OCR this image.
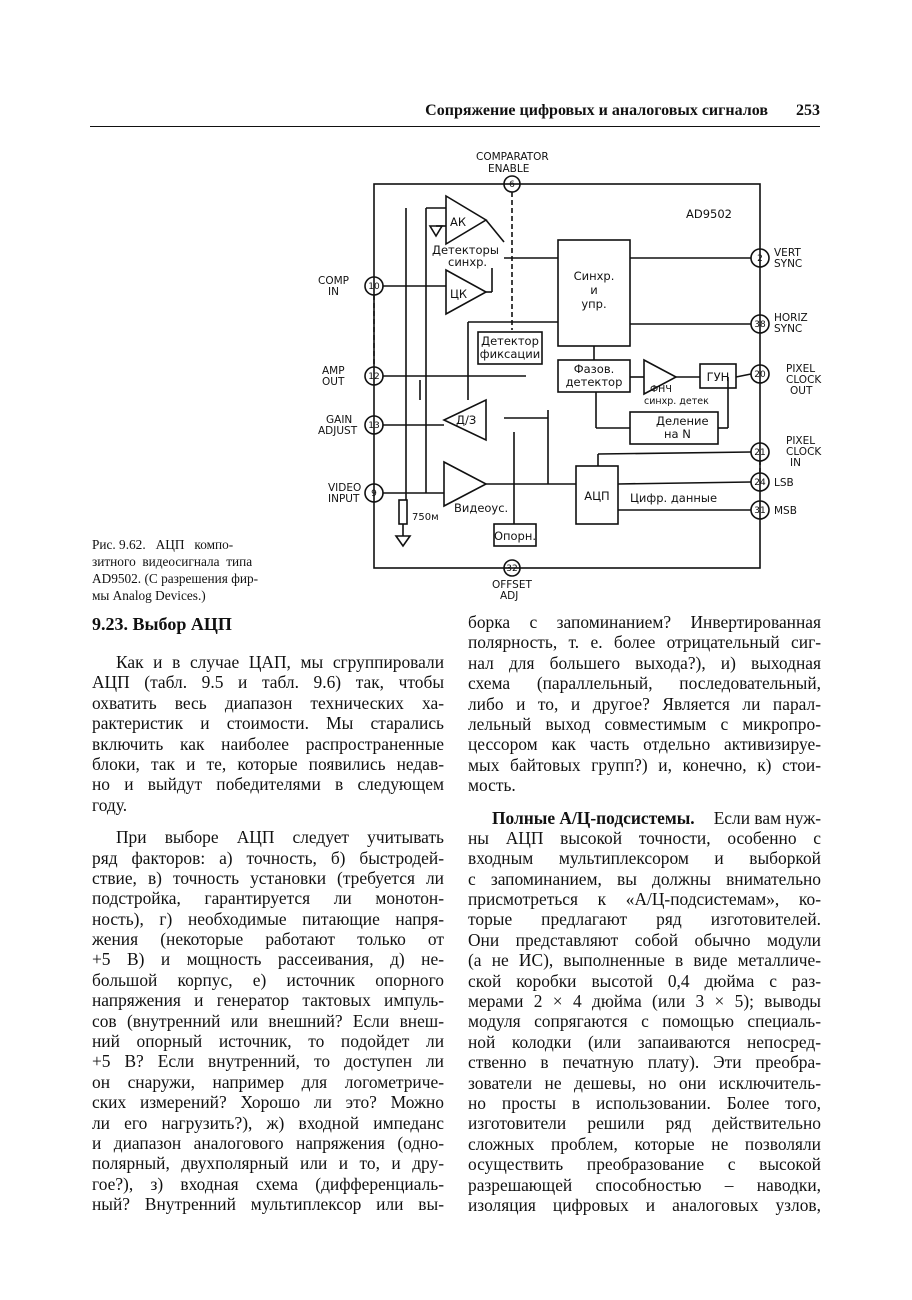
Сопряжение цифровых и аналоговых сигналов 253
COMPARATOR
ENABLE
OFFSET
ADJ
AD9502
COMP
IN
AMP
OUT
GAIN
ADJUST
VIDEO
INPUT
VERT
SYNC
HORIZ
SYNC
PIXEL
CLOCK
OUT
PIXEL
CLOCK
IN
LSB
MSB
6
10
12
13
9
32
2
38
20
21
24
31
АК
Детекторы
синхр.
ЦК
Синхр.
и
упр.
Детектор
фиксации
Фазов.
детектор
ФНЧ
синхр. детек
ГУН
Деление
на N
Д/З
Видеоус.
АЦП Цифр. данные
Опорн.
750м
Рис. 9.62.   АЦП   компо-
зитного  видеосигнала  типа
AD9502. (С разрешения фир-
мы Analog Devices.)
9.23. Выбор АЦП
Как и в случае ЦАП, мы сгруппировали
АЦП (табл. 9.5 и табл. 9.6) так, чтобы
охватить весь диапазон технических ха-
рактеристик и стоимости. Мы старались
включить как наиболее распространенные
блоки, так и те, которые появились недав-
но и выйдут победителями в следующем
году.
При выборе АЦП следует учитывать
ряд факторов: а) точность, б) быстродей-
ствие, в) точность установки (требуется ли
подстройка, гарантируется ли монотон-
ность), г) необходимые питающие напря-
жения (некоторые работают только от
+5 В) и мощность рассеивания, д) не-
большой корпус, е) источник опорного
напряжения и генератор тактовых импуль-
сов (внутренний или внешний? Если внеш-
ний опорный источник, то подойдет ли
+5 В? Если внутренний, то доступен ли
он снаружи, например для логометриче-
ских измерений? Хорошо ли это? Можно
ли его нагрузить?), ж) входной импеданс
и диапазон аналогового напряжения (одно-
полярный, двухполярный или и то, и дру-
гое?), з) входная схема (дифференциаль-
ный? Внутренний мультиплексор или вы-
борка с запоминанием? Инвертированная
полярность, т. е. более отрицательный сиг-
нал для большего выхода?), и) выходная
схема (параллельный, последовательный,
либо и то, и другое? Является ли парал-
лельный выход совместимым с микропро-
цессором как часть отдельно активизируе-
мых байтовых групп?) и, конечно, к) стои-
мость.
Полные А/Ц-подсистемы. Если вам нуж-
ны АЦП высокой точности, особенно с
входным мультиплексором и выборкой
с запоминанием, вы должны внимательно
присмотреться к «А/Ц-подсистемам», ко-
торые предлагают ряд изготовителей.
Они представляют собой обычно модули
(а не ИС), выполненные в виде металличе-
ской коробки высотой 0,4 дюйма с раз-
мерами 2 × 4 дюйма (или 3 × 5); выводы
модуля сопрягаются с помощью специаль-
ной колодки (или запаиваются непосред-
ственно в печатную плату). Эти преобра-
зователи не дешевы, но они исключитель-
но просты в использовании. Более того,
изготовители решили ряд действительно
сложных проблем, которые не позволяли
осуществить преобразование с высокой
разрешающей способностью – наводки,
изоляция цифровых и аналоговых узлов,
